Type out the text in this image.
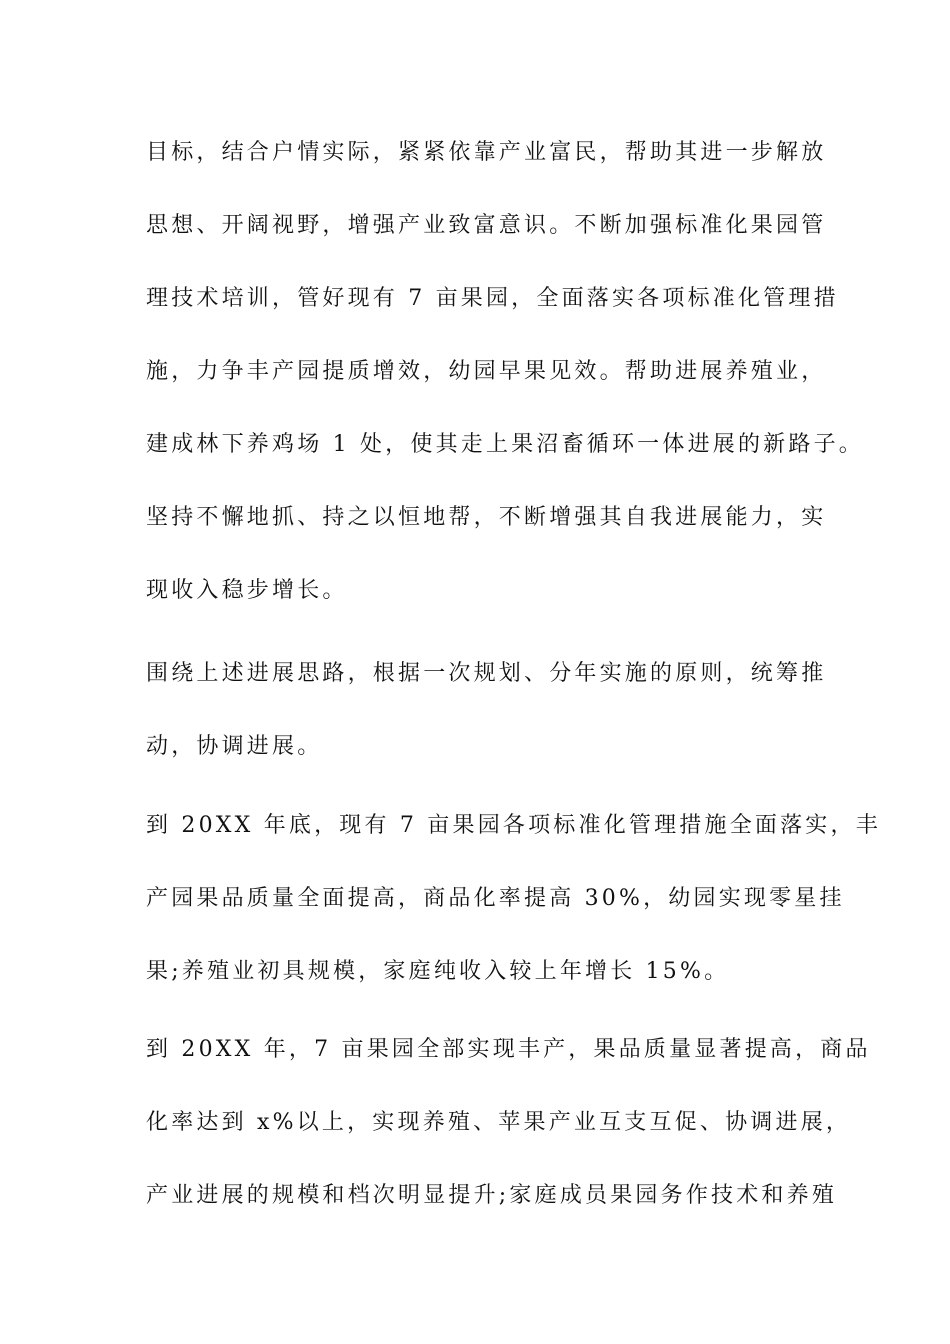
目标，结合户情实际，紧紧依靠产业富民，帮助其进一步解放
思想、开阔视野，增强产业致富意识。不断加强标准化果园管
理技术培训，管好现有 7 亩果园，全面落实各项标准化管理措
施，力争丰产园提质增效，幼园早果见效。帮助进展养殖业，
建成林下养鸡场 1 处，使其走上果沼畜循环一体进展的新路子。
坚持不懈地抓、持之以恒地帮，不断增强其自我进展能力，实
现收入稳步增长。
围绕上述进展思路，根据一次规划、分年实施的原则，统筹推
动，协调进展。
到 20XX 年底，现有 7 亩果园各项标准化管理措施全面落实，丰
产园果品质量全面提高，商品化率提高 30%，幼园实现零星挂
果;养殖业初具规模，家庭纯收入较上年增长 15%。
到 20XX 年，7 亩果园全部实现丰产，果品质量显著提高，商品
化率达到 x%以上，实现养殖、苹果产业互支互促、协调进展，
产业进展的规模和档次明显提升;家庭成员果园务作技术和养殖
